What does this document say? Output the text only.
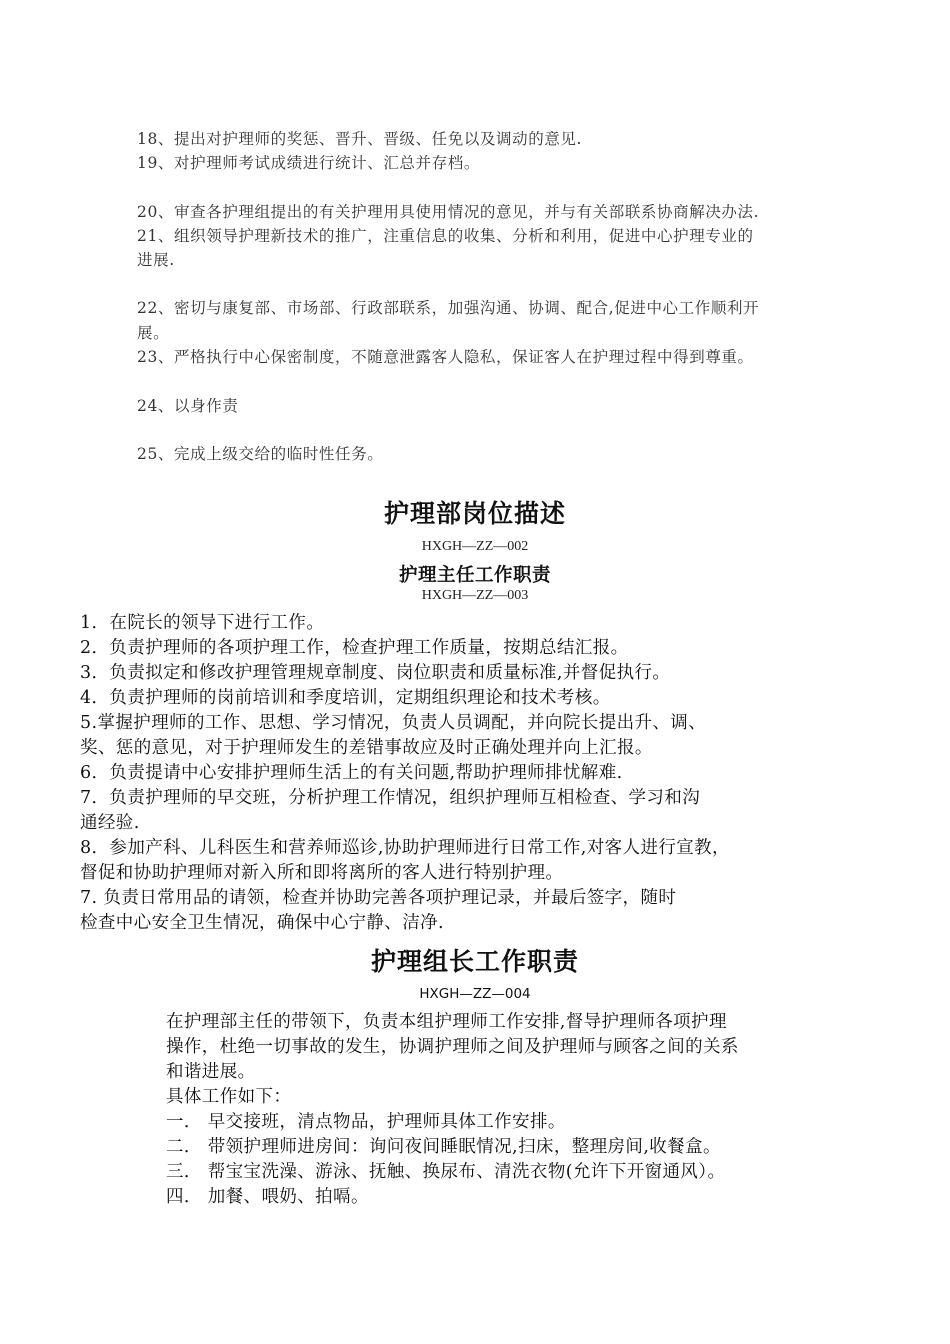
18、提出对护理师的奖惩、晋升、晋级、任免以及调动的意见.
19、对护理师考试成绩进行统计、汇总并存档。
20、审查各护理组提出的有关护理用具使用情况的意见，并与有关部联系协商解决办法.
21、组织领导护理新技术的推广，注重信息的收集、分析和利用，促进中心护理专业的
进展.
22、密切与康复部、市场部、行政部联系，加强沟通、协调、配合,促进中心工作顺利开
展。
23、严格执行中心保密制度，不随意泄露客人隐私，保证客人在护理过程中得到尊重。
24、以身作责
25、完成上级交给的临时性任务。
护理部岗位描述
HXGH—ZZ—002
护理主任工作职责
HXGH—ZZ—003
1．在院长的领导下进行工作。
2．负责护理师的各项护理工作，检查护理工作质量，按期总结汇报。
3．负责拟定和修改护理管理规章制度、岗位职责和质量标准,并督促执行。
4．负责护理师的岗前培训和季度培训，定期组织理论和技术考核。
5.掌握护理师的工作、思想、学习情况，负责人员调配，并向院长提出升、调、
奖、惩的意见，对于护理师发生的差错事故应及时正确处理并向上汇报。
6．负责提请中心安排护理师生活上的有关问题,帮助护理师排忧解难.
7．负责护理师的早交班，分析护理工作情况，组织护理师互相检查、学习和沟
通经验.
8．参加产科、儿科医生和营养师巡诊,协助护理师进行日常工作,对客人进行宣教，
督促和协助护理师对新入所和即将离所的客人进行特别护理。
7. 负责日常用品的请领，检查并协助完善各项护理记录，并最后签字，随时
检查中心安全卫生情况，确保中心宁静、洁净.
护理组长工作职责
HXGH—ZZ—004
在护理部主任的带领下，负责本组护理师工作安排,督导护理师各项护理
操作，杜绝一切事故的发生，协调护理师之间及护理师与顾客之间的关系
和谐进展。
具体工作如下：
一． 早交接班，清点物品，护理师具体工作安排。
二． 带领护理师进房间：询问夜间睡眠情况,扫床，整理房间,收餐盒。
三． 帮宝宝洗澡、游泳、抚触、换尿布、清洗衣物(允许下开窗通风）。
四． 加餐、喂奶、拍嗝。
